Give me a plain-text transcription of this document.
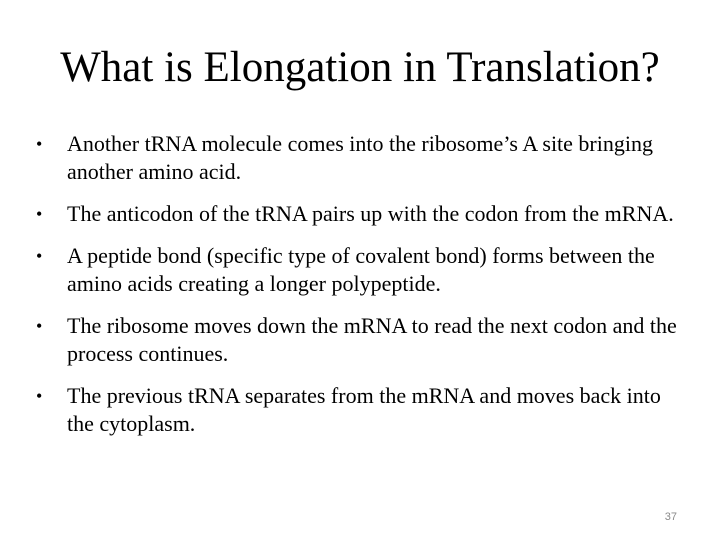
What is Elongation in Translation?
•	Another tRNA molecule comes into the ribosome’s A site bringing another amino acid.
•	The anticodon of the tRNA pairs up with the codon from the mRNA.
•	A peptide bond (specific type of covalent bond) forms between the amino acids creating a longer polypeptide.
•	The ribosome moves down the mRNA to read the next codon and the process continues.
•	The previous tRNA separates from the mRNA and moves back into the cytoplasm.
37
